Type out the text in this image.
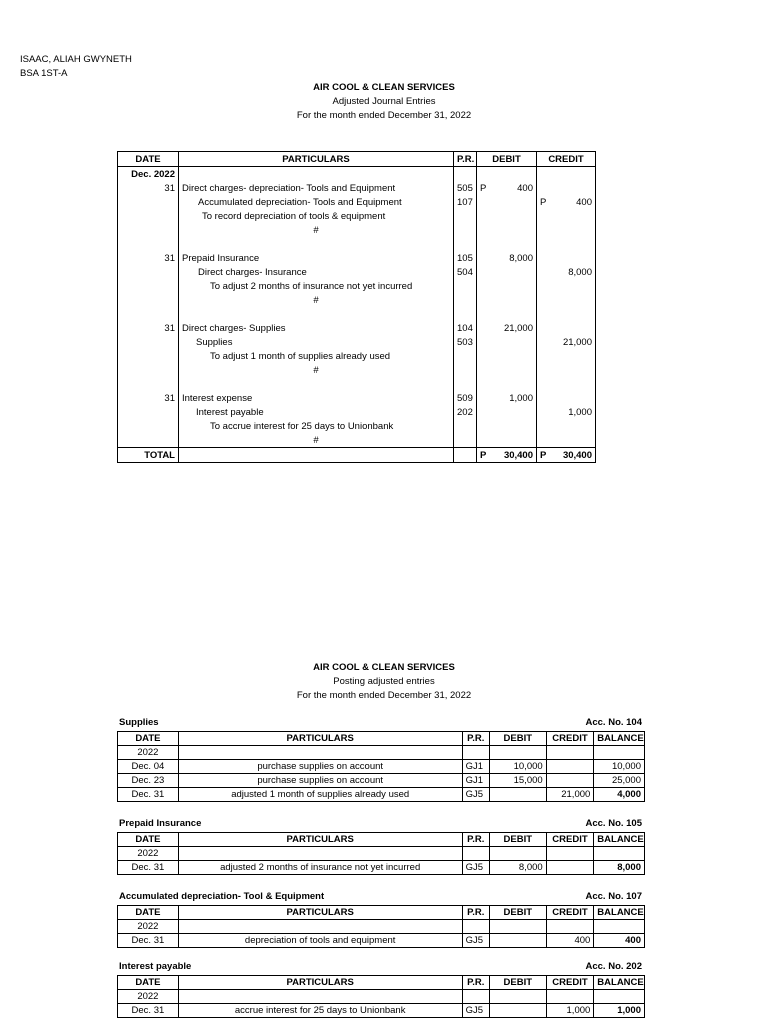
ISAAC, ALIAH GWYNETH
BSA 1ST-A
AIR COOL & CLEAN SERVICES
Adjusted Journal Entries
For the month ended December 31, 2022
DATE	PARTICULARS	P.R.	DEBIT	CREDIT
Dec. 2022				
31	Direct charges- depreciation- Tools and Equipment	505	P 400	

	Accumulated depreciation- Tools and Equipment	107		P 400

	To record depreciation of tools & equipment		

	#		

31	Prepaid Insurance	105	8,000	

	Direct charges- Insurance	504		8,000

	To adjust 2 months of insurance not yet incurred		

	#		

31	Direct charges- Supplies	104	21,000	

	Supplies	503		21,000

	To adjust 1 month of supplies already used		

	#		

31	Interest expense	509	1,000	

	Interest payable	202		1,000

	To accrue interest for 25 days to Unionbank		

	#		

TOTAL			P 30,400	P 30,400
AIR COOL & CLEAN SERVICES
Posting adjusted entries
For the month ended December 31, 2022
Supplies	Acc. No. 104
DATE	PARTICULARS	P.R.	DEBIT	CREDIT	BALANCE
2022					
Dec. 04	purchase supplies on account	GJ1	10,000		10,000
Dec. 23	purchase supplies on account	GJ1	15,000		25,000
Dec. 31	adjusted 1 month of supplies already used	GJ5		21,000	4,000
Prepaid Insurance	Acc. No. 105
DATE	PARTICULARS	P.R.	DEBIT	CREDIT	BALANCE
2022					
Dec. 31	adjusted 2 months of insurance not yet incurred	GJ5	8,000		8,000
Accumulated depreciation- Tool & Equipment	Acc. No. 107
DATE	PARTICULARS	P.R.	DEBIT	CREDIT	BALANCE
2022					
Dec. 31	depreciation of tools and equipment	GJ5		400	400
Interest payable	Acc. No. 202
DATE	PARTICULARS	P.R.	DEBIT	CREDIT	BALANCE
2022					
Dec. 31	accrue interest for 25 days to Unionbank	GJ5		1,000	1,000
